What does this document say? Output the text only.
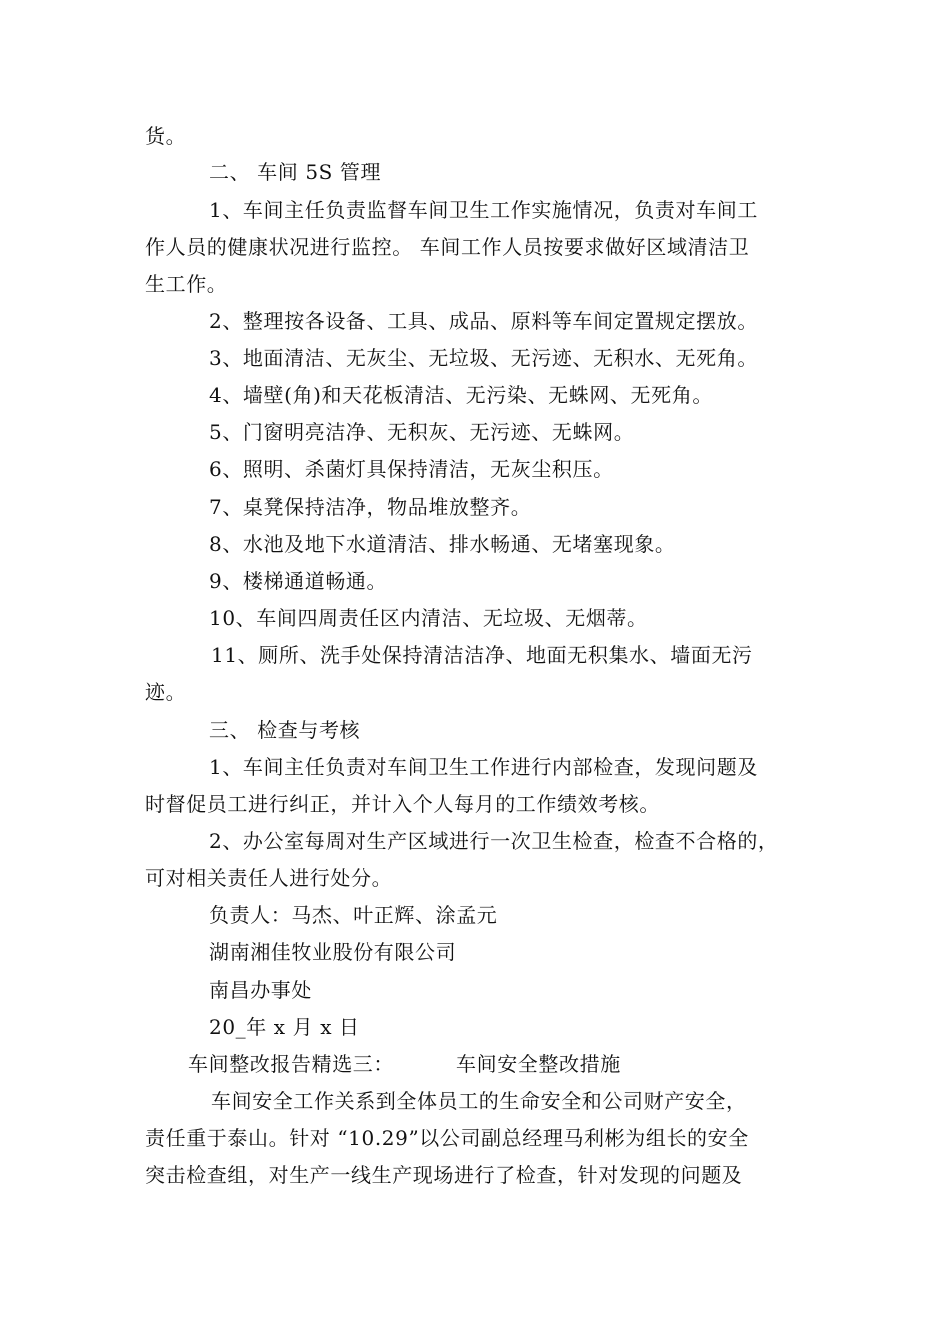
货。
二、 车间 5S 管理
1、车间主任负责监督车间卫生工作实施情况，负责对车间工
作人员的健康状况进行监控。 车间工作人员按要求做好区域清洁卫
生工作。
2、整理按各设备、工具、成品、原料等车间定置规定摆放。
3、地面清洁、无灰尘、无垃圾、无污迹、无积水、无死角。
4、墙壁(角)和天花板清洁、无污染、无蛛网、无死角。
5、门窗明亮洁净、无积灰、无污迹、无蛛网。
6、照明、杀菌灯具保持清洁，无灰尘积压。
7、桌凳保持洁净，物品堆放整齐。
8、水池及地下水道清洁、排水畅通、无堵塞现象。
9、楼梯通道畅通。
10、车间四周责任区内清洁、无垃圾、无烟蒂。
11、厕所、洗手处保持清洁洁净、地面无积集水、墙面无污
迹。
三、 检查与考核
1、车间主任负责对车间卫生工作进行内部检查，发现问题及
时督促员工进行纠正，并计入个人每月的工作绩效考核。
2、办公室每周对生产区域进行一次卫生检查，检查不合格的，
可对相关责任人进行处分。
负责人：马杰、叶正辉、涂孟元
湖南湘佳牧业股份有限公司
南昌办事处
20_年 x 月 x 日
车间整改报告精选三：	车间安全整改措施
车间安全工作关系到全体员工的生命安全和公司财产安全，
责任重于泰山。针对 “10.29”以公司副总经理马利彬为组长的安全
突击检查组，对生产一线生产现场进行了检查，针对发现的问题及
